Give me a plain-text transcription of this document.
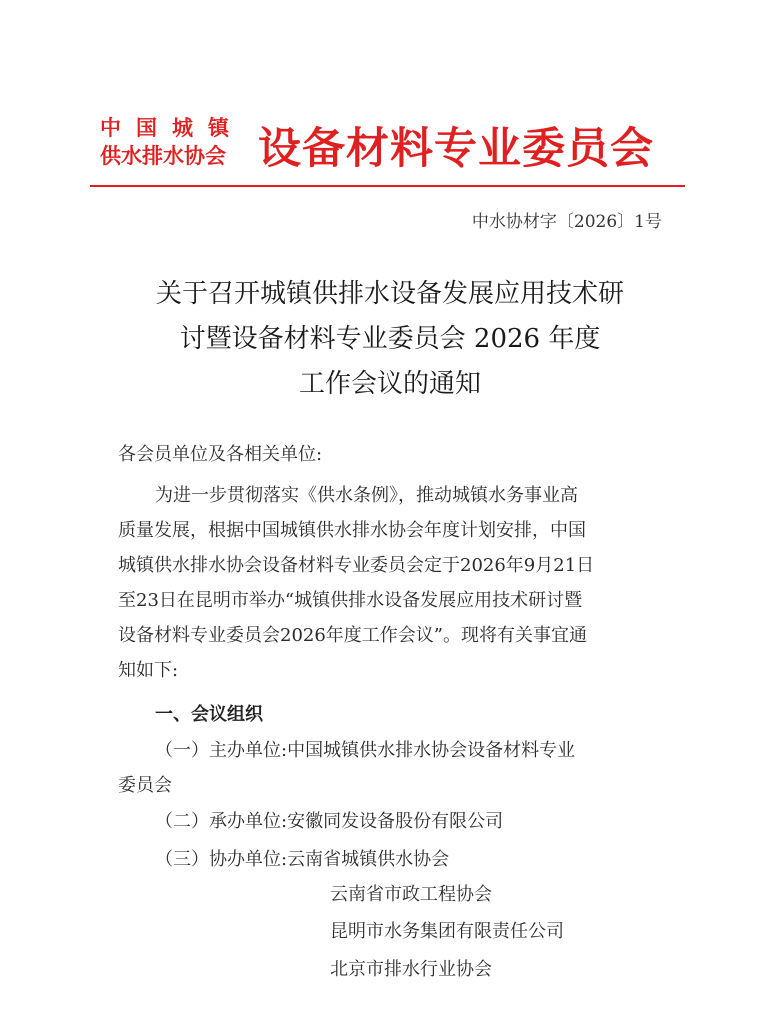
中国城镇
供水排水协会 设备材料专业委员会
中水协材字〔2026〕1号
关于召开城镇供排水设备发展应用技术研
讨暨设备材料专业委员会 2026 年度
工作会议的通知
各会员单位及各相关单位:
为进一步贯彻落实《供水条例》，推动城镇水务事业高
质量发展，根据中国城镇供水排水协会年度计划安排，中国
城镇供水排水协会设备材料专业委员会定于2026年9月21日
至23日在昆明市举办“城镇供排水设备发展应用技术研讨暨
设备材料专业委员会2026年度工作会议”。现将有关事宜通
知如下:
一、会议组织
（一）主办单位:中国城镇供水排水协会设备材料专业
委员会
（二）承办单位:安徽同发设备股份有限公司
（三）协办单位:云南省城镇供水协会
云南省市政工程协会
昆明市水务集团有限责任公司
北京市排水行业协会
